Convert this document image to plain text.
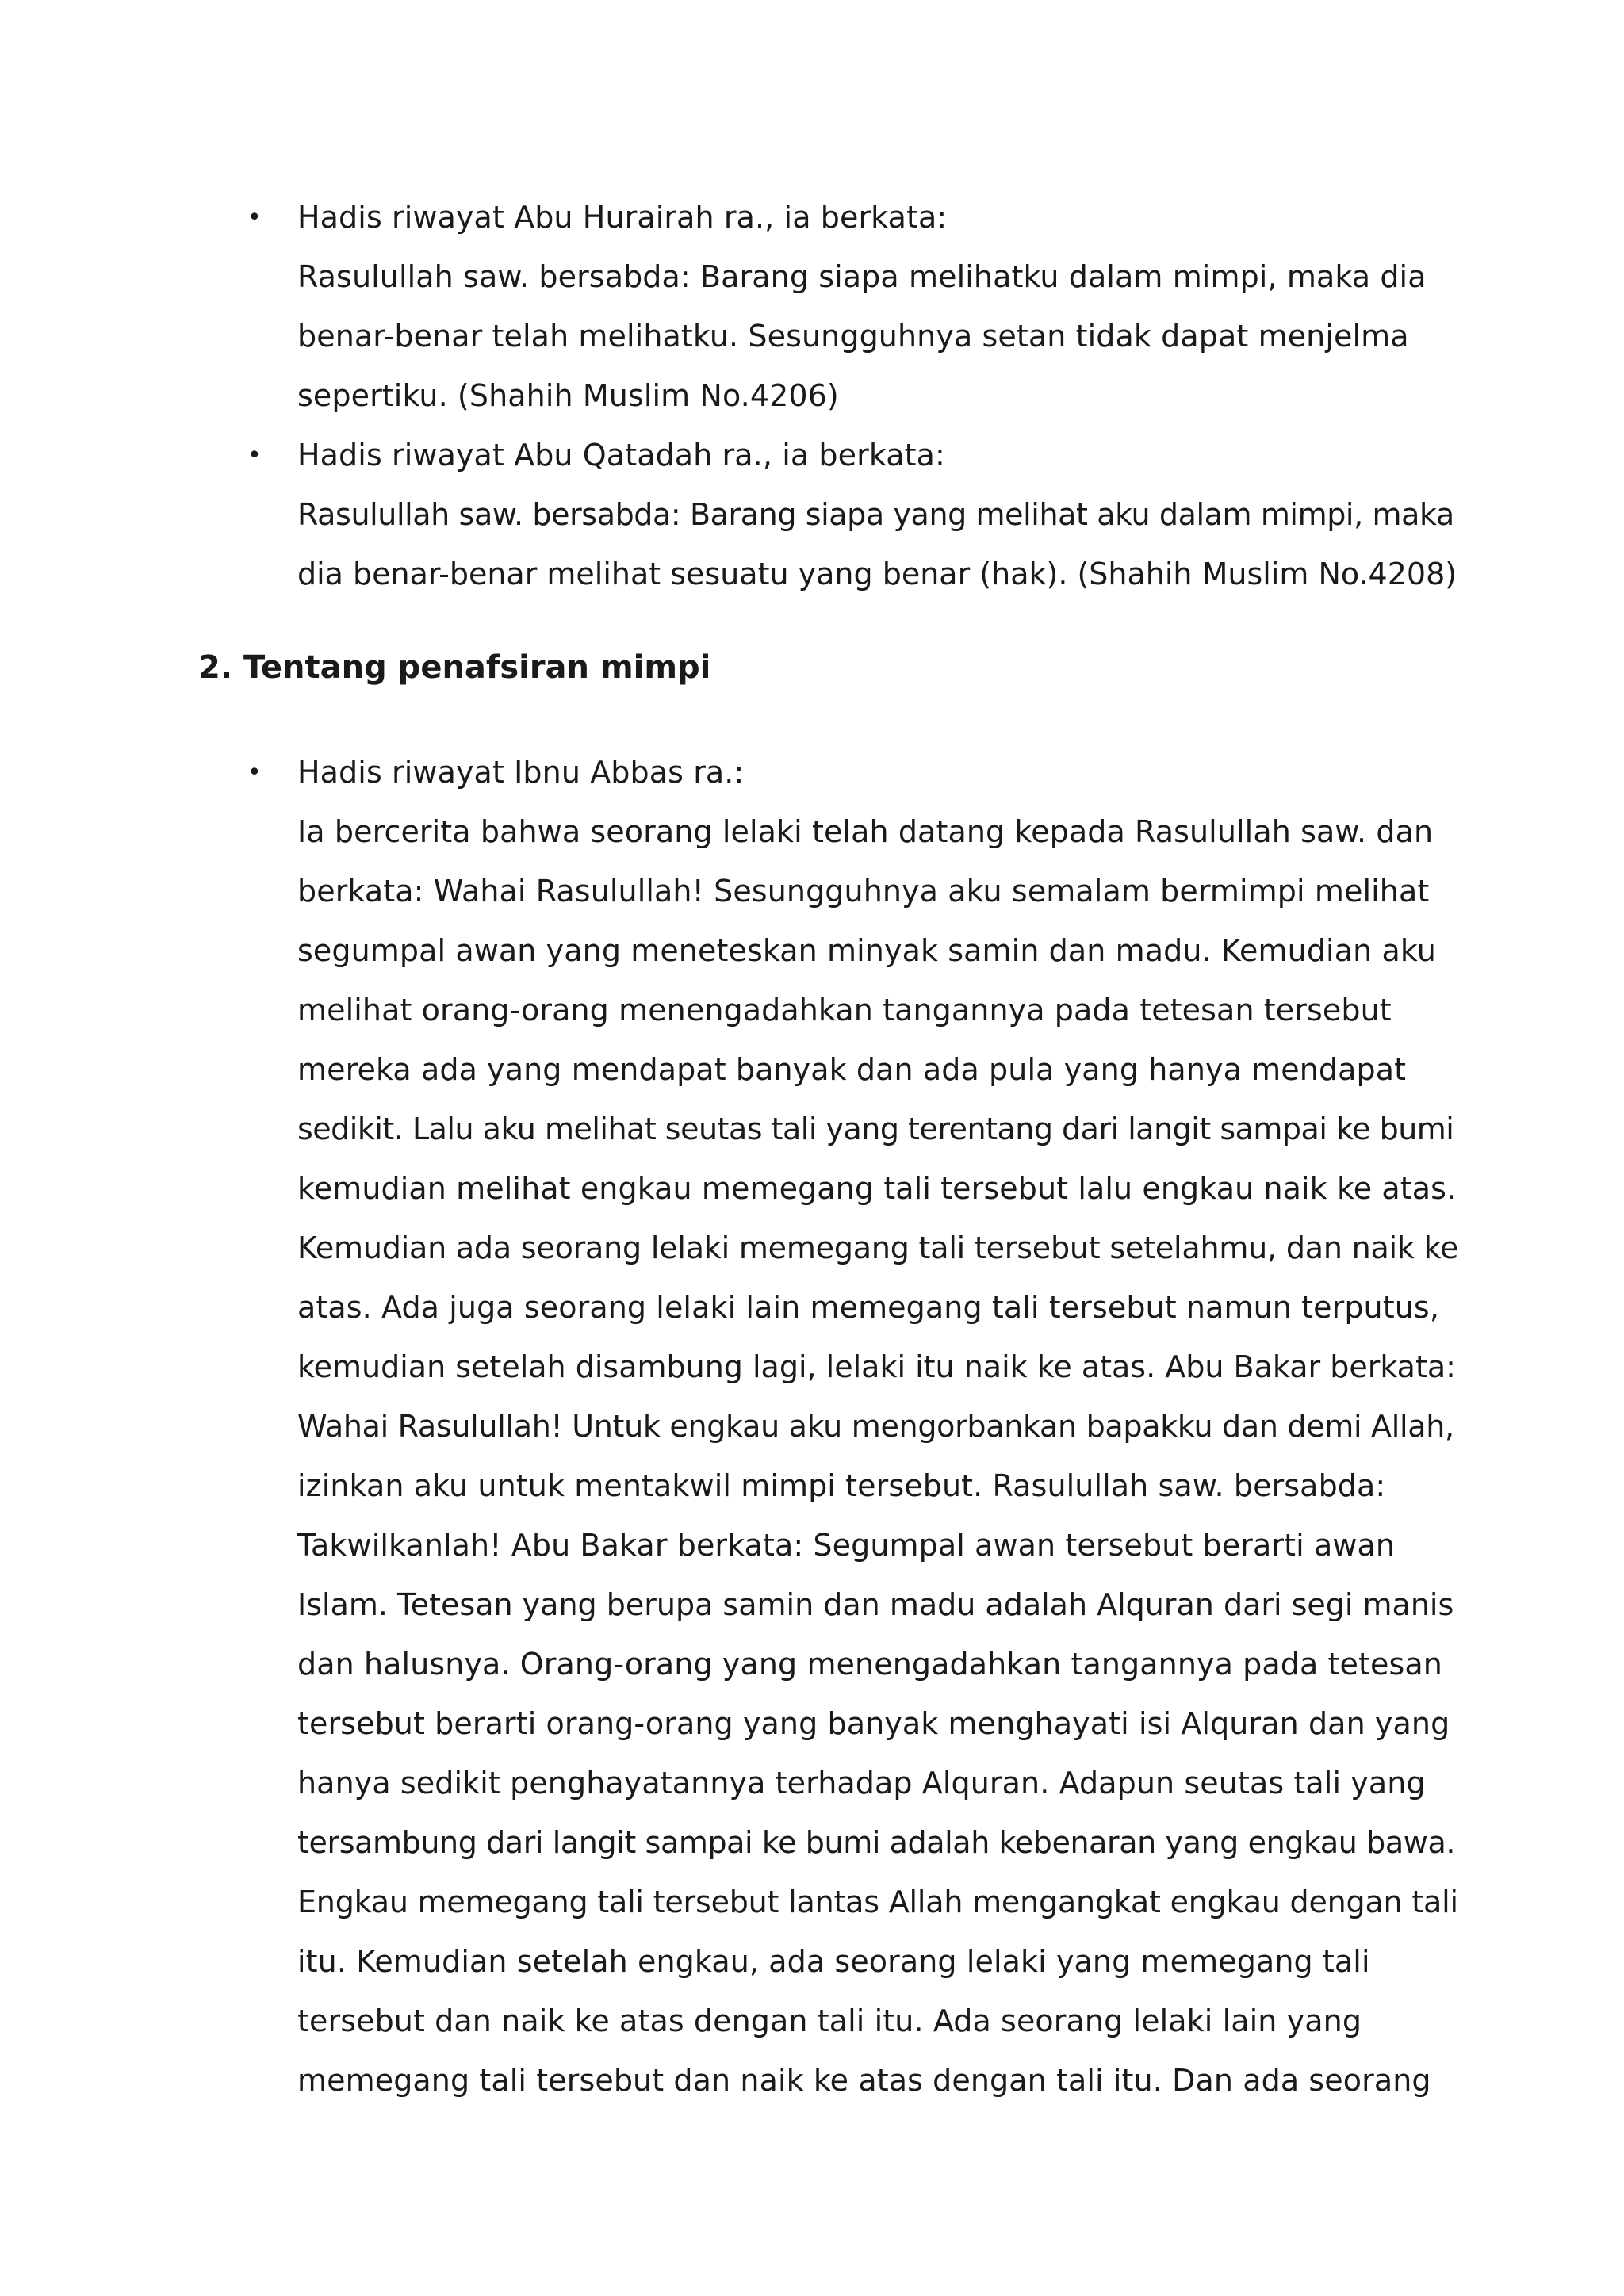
•	Hadis riwayat Abu Hurairah ra., ia berkata:
Rasulullah saw. bersabda: Barang siapa melihatku dalam mimpi, maka dia
benar-benar telah melihatku. Sesungguhnya setan tidak dapat menjelma
sepertiku. (Shahih Muslim No.4206)
•	Hadis riwayat Abu Qatadah ra., ia berkata:
Rasulullah saw. bersabda: Barang siapa yang melihat aku dalam mimpi, maka
dia benar-benar melihat sesuatu yang benar (hak). (Shahih Muslim No.4208)
2. Tentang penafsiran mimpi
•	Hadis riwayat Ibnu Abbas ra.:
Ia bercerita bahwa seorang lelaki telah datang kepada Rasulullah saw. dan
berkata: Wahai Rasulullah! Sesungguhnya aku semalam bermimpi melihat
segumpal awan yang meneteskan minyak samin dan madu. Kemudian aku
melihat orang-orang menengadahkan tangannya pada tetesan tersebut
mereka ada yang mendapat banyak dan ada pula yang hanya mendapat
sedikit. Lalu aku melihat seutas tali yang terentang dari langit sampai ke bumi
kemudian melihat engkau memegang tali tersebut lalu engkau naik ke atas.
Kemudian ada seorang lelaki memegang tali tersebut setelahmu, dan naik ke
atas. Ada juga seorang lelaki lain memegang tali tersebut namun terputus,
kemudian setelah disambung lagi, lelaki itu naik ke atas. Abu Bakar berkata:
Wahai Rasulullah! Untuk engkau aku mengorbankan bapakku dan demi Allah,
izinkan aku untuk mentakwil mimpi tersebut. Rasulullah saw. bersabda:
Takwilkanlah! Abu Bakar berkata: Segumpal awan tersebut berarti awan
Islam. Tetesan yang berupa samin dan madu adalah Alquran dari segi manis
dan halusnya. Orang-orang yang menengadahkan tangannya pada tetesan
tersebut berarti orang-orang yang banyak menghayati isi Alquran dan yang
hanya sedikit penghayatannya terhadap Alquran. Adapun seutas tali yang
tersambung dari langit sampai ke bumi adalah kebenaran yang engkau bawa.
Engkau memegang tali tersebut lantas Allah mengangkat engkau dengan tali
itu. Kemudian setelah engkau, ada seorang lelaki yang memegang tali
tersebut dan naik ke atas dengan tali itu. Ada seorang lelaki lain yang
memegang tali tersebut dan naik ke atas dengan tali itu. Dan ada seorang
